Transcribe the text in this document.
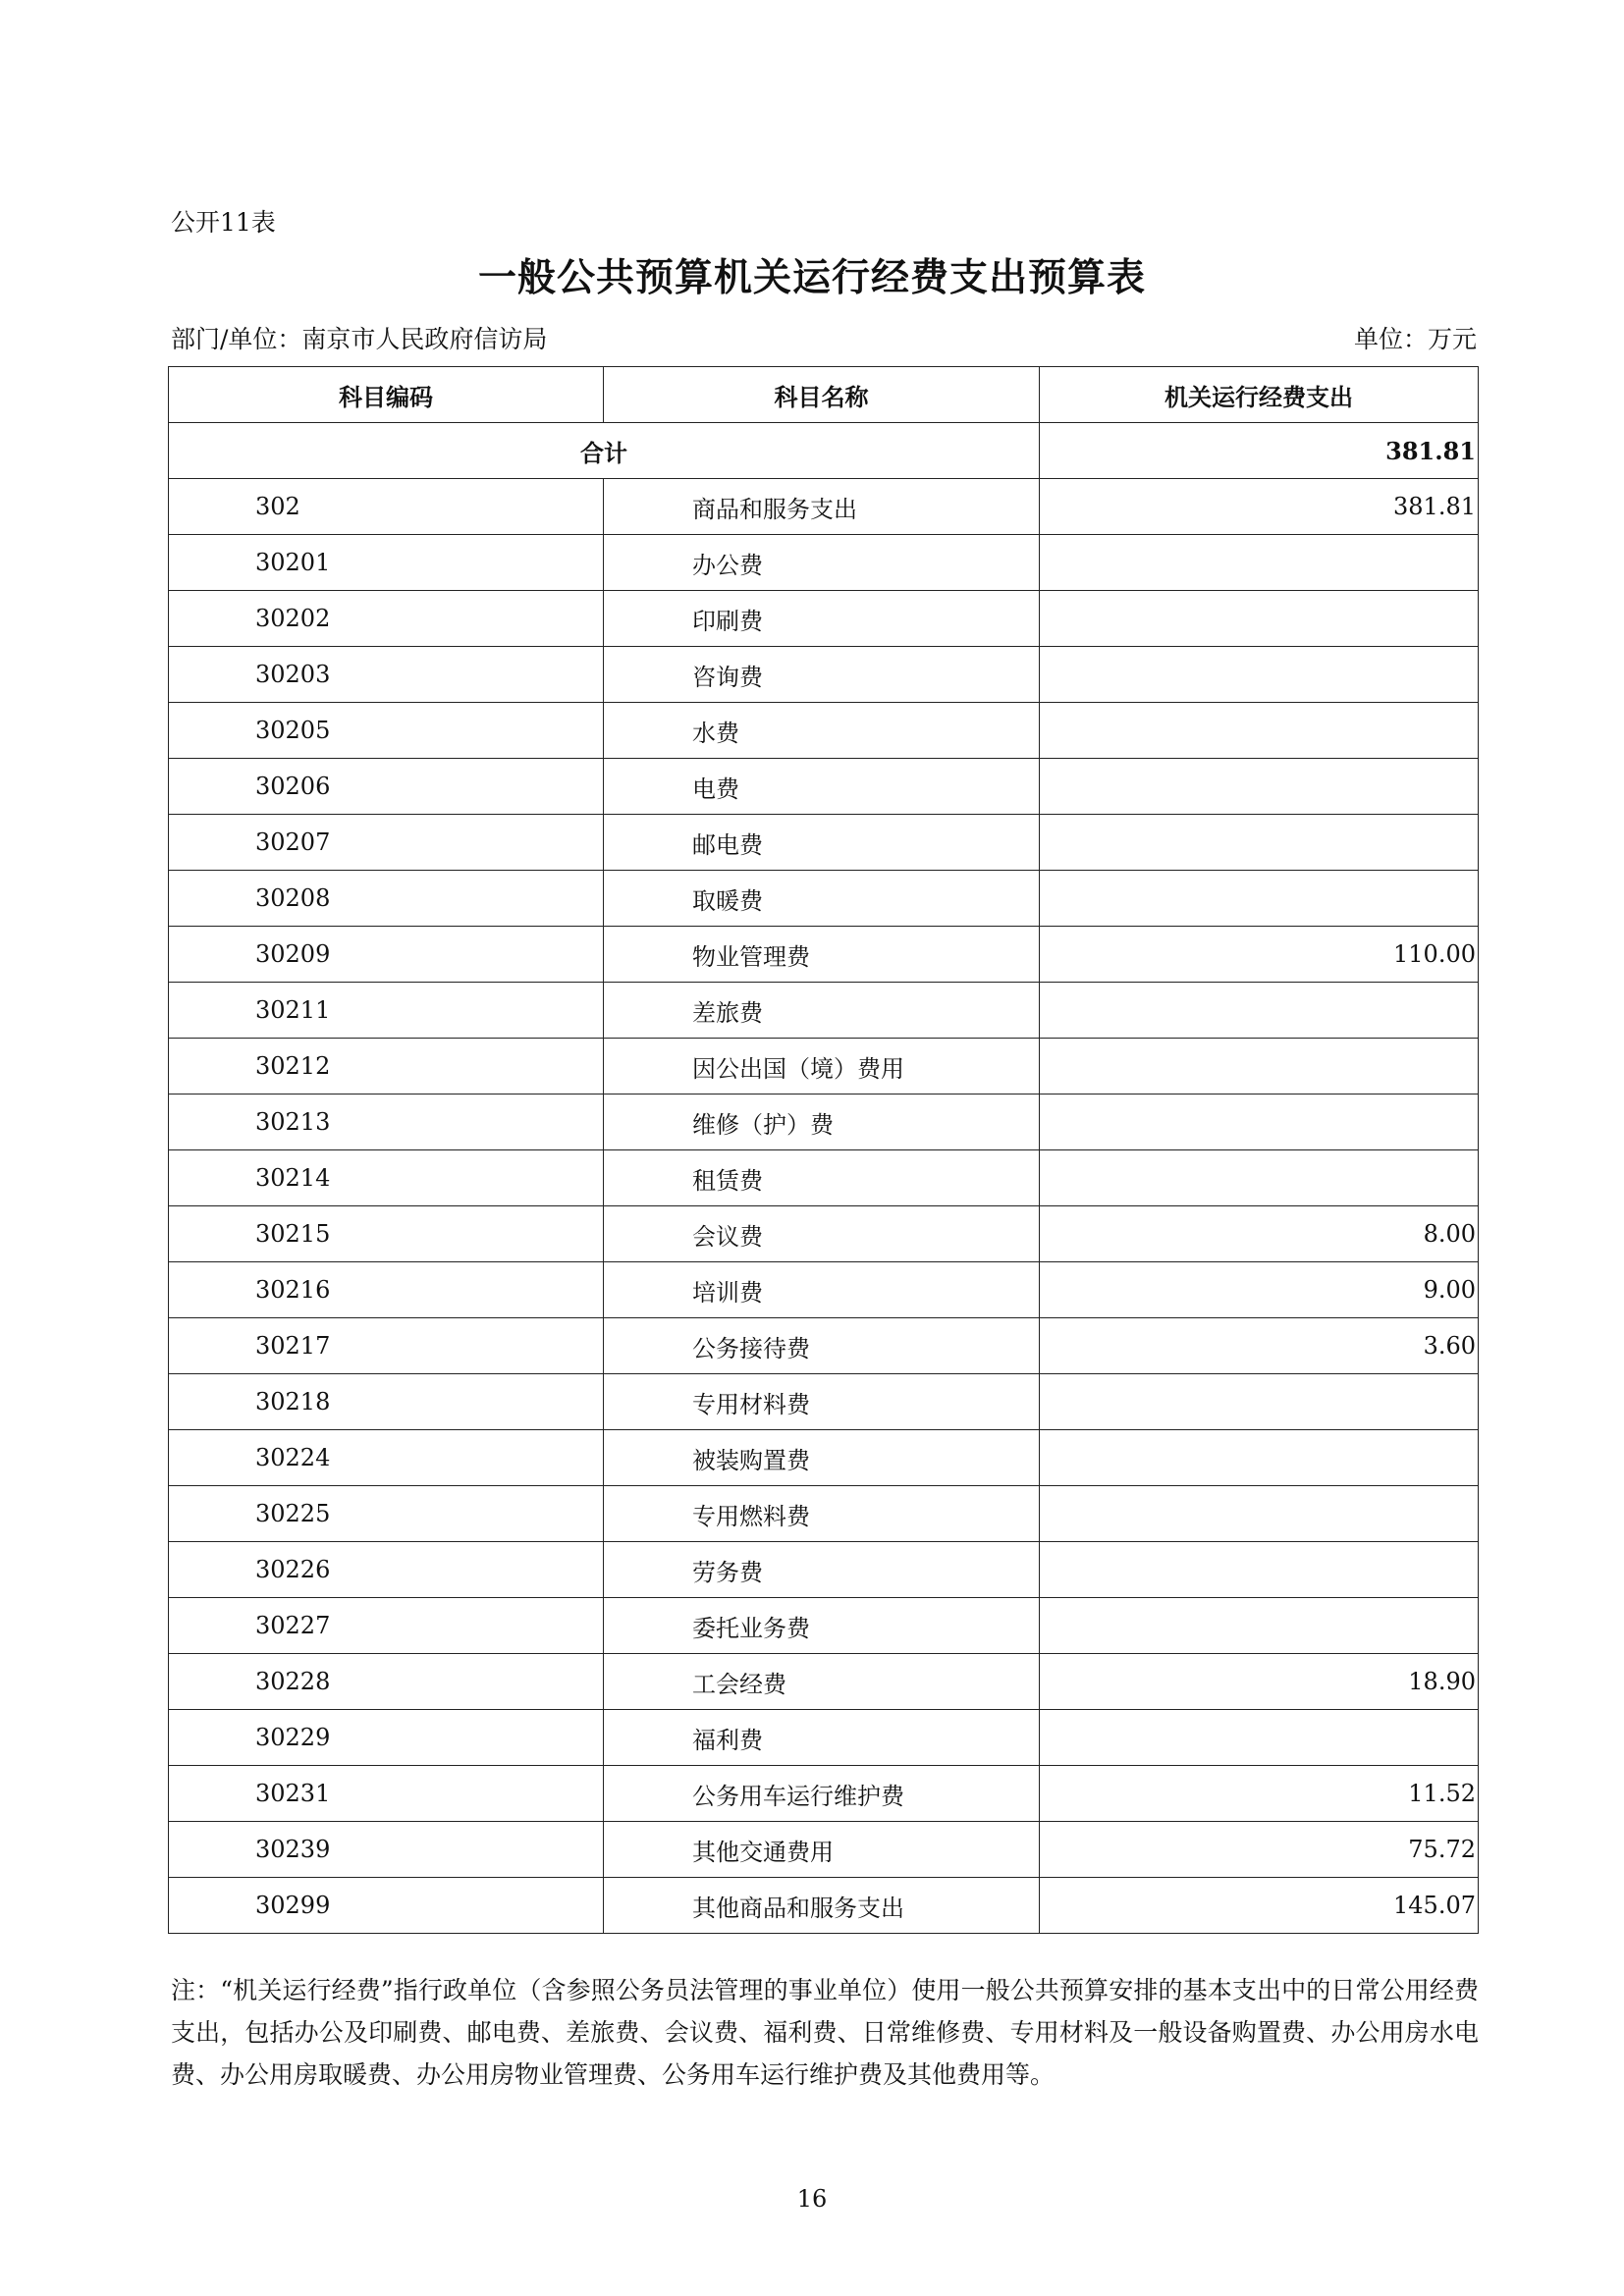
公开11表
一般公共预算机关运行经费支出预算表
部门/单位：南京市人民政府信访局	单位：万元
科目编码	科目名称	机关运行经费支出
合计		381.81
302	商品和服务支出	381.81
30201	办公费	
30202	印刷费	
30203	咨询费	
30205	水费	
30206	电费	
30207	邮电费	
30208	取暖费	
30209	物业管理费	110.00
30211	差旅费	
30212	因公出国（境）费用	
30213	维修（护）费	
30214	租赁费	
30215	会议费	8.00
30216	培训费	9.00
30217	公务接待费	3.60
30218	专用材料费	
30224	被装购置费	
30225	专用燃料费	
30226	劳务费	
30227	委托业务费	
30228	工会经费	18.90
30229	福利费	
30231	公务用车运行维护费	11.52
30239	其他交通费用	75.72
30299	其他商品和服务支出	145.07
注：“机关运行经费”指行政单位（含参照公务员法管理的事业单位）使用一般公共预算安排的基本支出中的日常公用经费支出，包括办公及印刷费、邮电费、差旅费、会议费、福利费、日常维修费、专用材料及一般设备购置费、办公用房水电费、办公用房取暖费、办公用房物业管理费、公务用车运行维护费及其他费用等。
16
